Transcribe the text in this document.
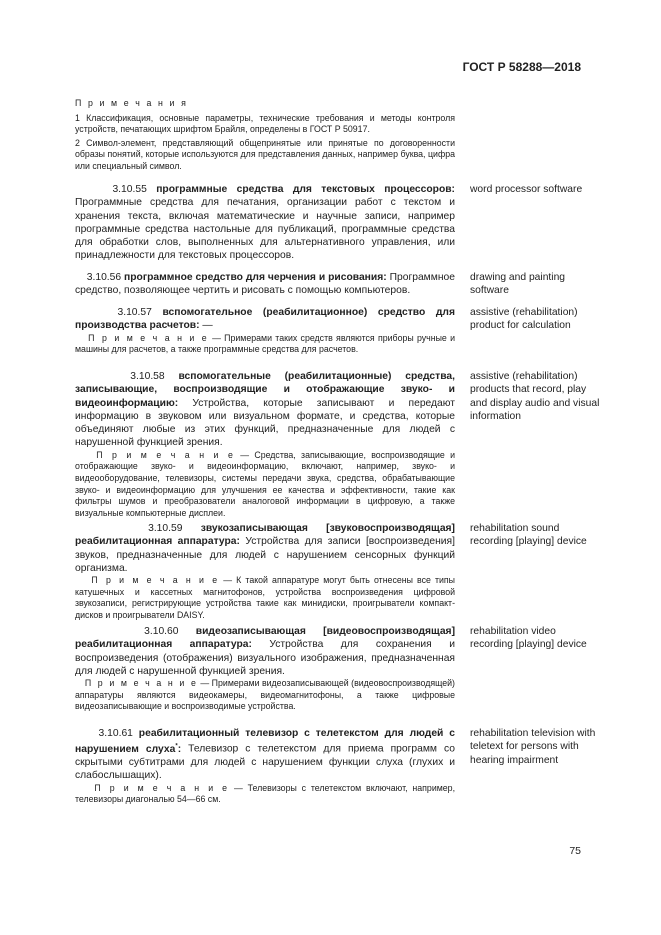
ГОСТ Р 58288—2018

П р и м е ч а н и я

1 Классификация, основные параметры, технические требования и методы контроля устройств, печатающих шрифтом Брайля, определены в ГОСТ Р 50917.

2 Символ-элемент, представляющий общепринятые или принятые по договоренности образы понятий, которые используются для представления данных, например буква, цифра или специальный символ.

3.10.55 программные средства для текстовых процессоров: Программные средства для печатания, организации работ с текстом и хранения текста, включая математические и научные записи, например программные средства настольные для публикаций, программные средства для обработки слов, выполненных для альтернативного управления, или принадлежности для текстовых процессоров.

word processor software

3.10.56 программное средство для черчения и рисования: Программное средство, позволяющее чертить и рисовать с помощью компьютеров.

drawing and painting software

3.10.57 вспомогательное (реабилитационное) средство для производства расчетов: —

П р и м е ч а н и е — Примерами таких средств являются приборы ручные и машины для расчетов, а также программные средства для расчетов.

assistive (rehabilitation) product for calculation

3.10.58 вспомогательные (реабилитационные) средства, записывающие, воспроизводящие и отображающие звуко- и видеоинформацию: Устройства, которые записывают и передают информацию в звуковом или визуальном формате, и средства, которые объединяют любые из этих функций, предназначенные для людей с нарушенной функцией зрения.

П р и м е ч а н и е — Средства, записывающие, воспроизводящие и отображающие звуко- и видеоинформацию, включают, например, звуко- и видеооборудование, телевизоры, системы передачи звука, средства, обрабатывающие звуко- и видеоинформацию для улучшения ее качества и эффективности, такие как фильтры шумов и преобразователи аналоговой информации в цифровую, а также визуальные компьютерные дисплеи.

assistive (rehabilitation) products that record, play and display audio and visual information

3.10.59 звукозаписывающая [звуковоспроизводящая] реабилитационная аппаратура: Устройства для записи [воспроизведения] звуков, предназначенные для людей с нарушением сенсорных функций организма.

П р и м е ч а н и е — К такой аппаратуре могут быть отнесены все типы катушечных и кассетных магнитофонов, устройства воспроизведения цифровой звукозаписи, регистрирующие устройства такие как минидиски, проигрыватели компакт-дисков и проигрыватели DAISY.

rehabilitation sound recording [playing] device

3.10.60 видеозаписывающая [видеовоспроизводящая] реабилитационная аппаратура: Устройства для сохранения и воспроизведения (отображения) визуального изображения, предназначенная для людей с нарушенной функцией зрения.

П р и м е ч а н и е — Примерами видеозаписывающей (видеовоспроизводящей) аппаратуры являются видеокамеры, видеомагнитофоны, а также цифровые видеозаписывающие и воспроизводимые устройства.

rehabilitation video recording [playing] device

3.10.61 реабилитационный телевизор с телетекстом для людей с нарушением слуха*: Телевизор с телетекстом для приема программ со скрытыми субтитрами для людей с нарушением функции слуха (глухих и слабослышащих).

П р и м е ч а н и е — Телевизоры с телетекстом включают, например, телевизоры диагональю 54—66 см.

rehabilitation television with teletext for persons with hearing impairment
75
